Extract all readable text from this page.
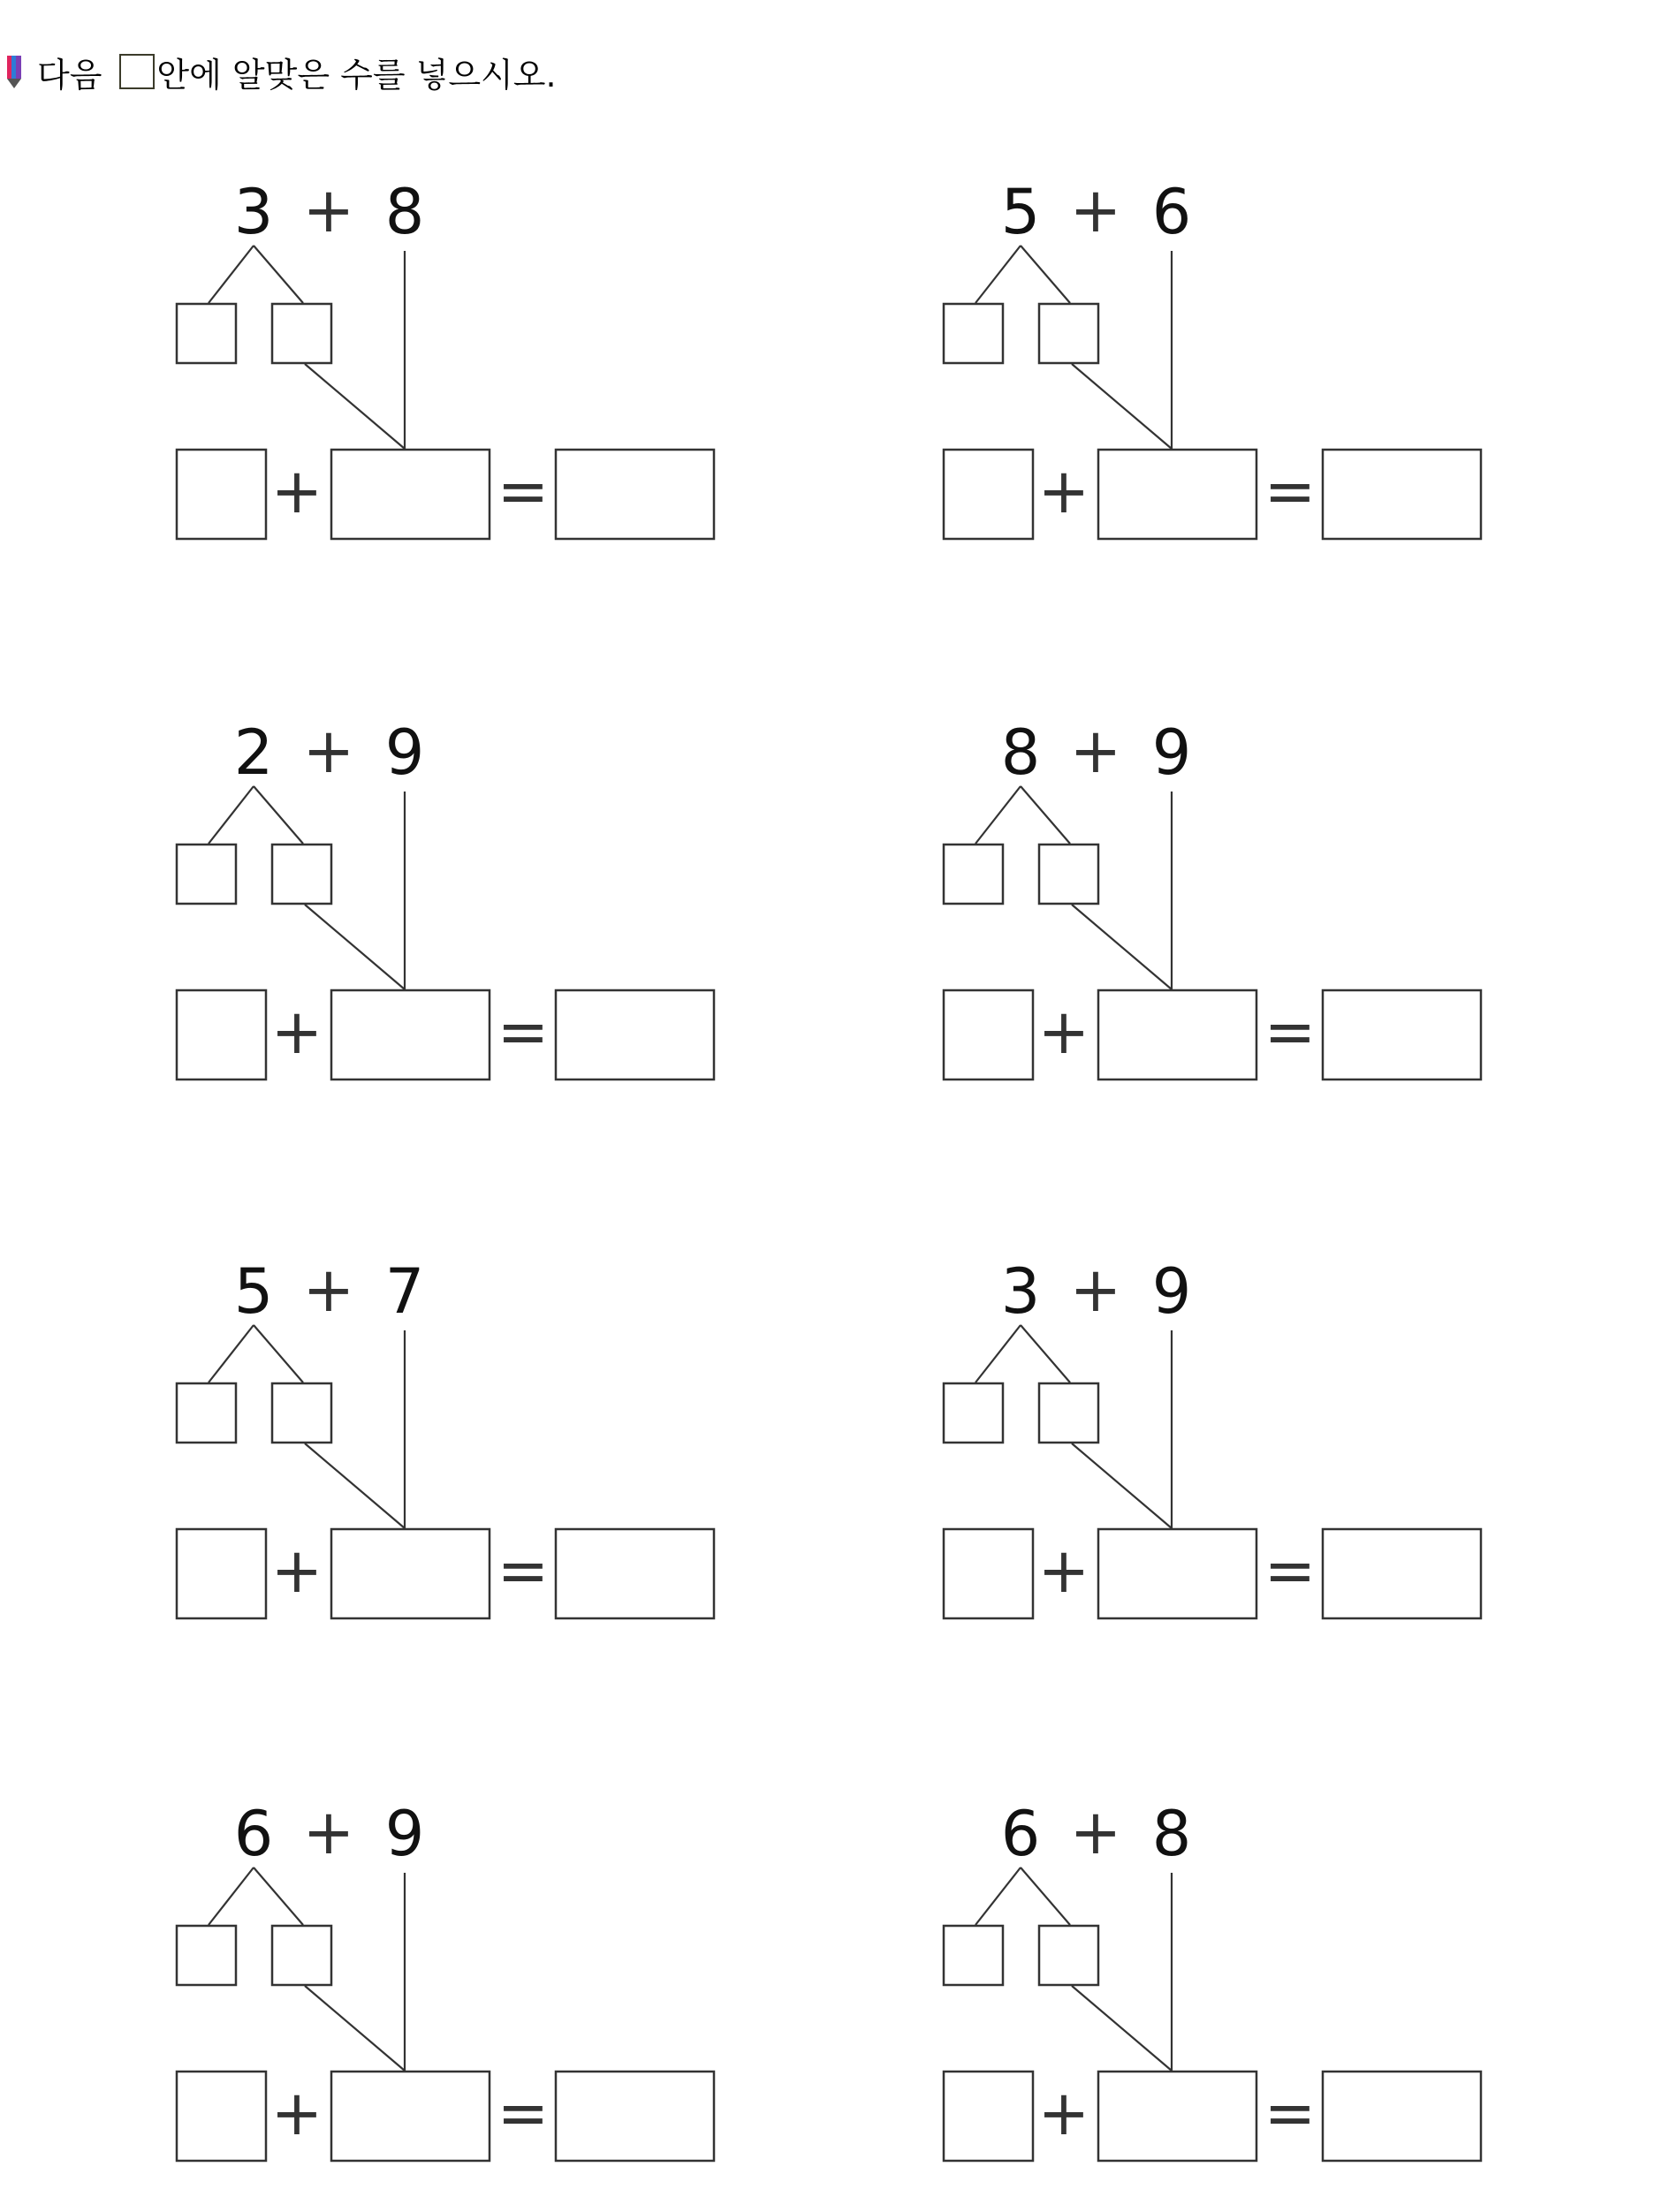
다음 안에 알맞은 수를 넣으시오.
3 + 8
+	=
5 + 6
+	=
2 + 9
+	=
8 + 9
+	=
5 + 7
+	=
3 + 9
+	=
6 + 9
+	=
6 + 8
+	=
